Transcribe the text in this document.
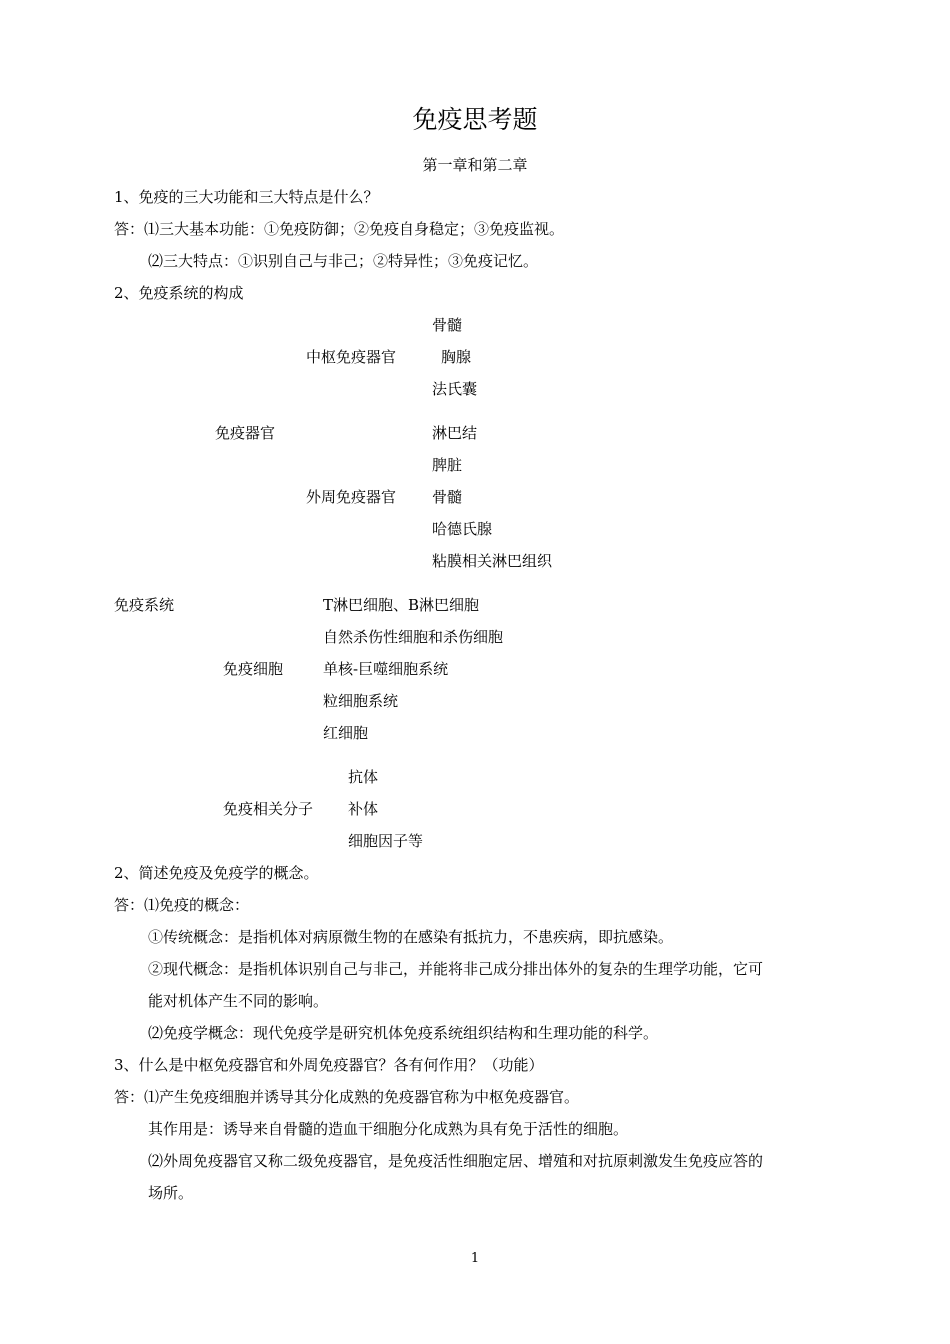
免疫思考题
第一章和第二章
1、免疫的三大功能和三大特点是什么？
答：⑴三大基本功能：①免疫防御；②免疫自身稳定；③免疫监视。
⑵三大特点：①识别自己与非己；②特异性；③免疫记忆。
2、免疫系统的构成
骨髓
中枢免疫器官	胸腺
法氏囊
免疫器官	淋巴结
脾脏
外周免疫器官 骨髓
哈德氏腺
粘膜相关淋巴组织
免疫系统	T淋巴细胞、B淋巴细胞
自然杀伤性细胞和杀伤细胞
免疫细胞	单核-巨噬细胞系统
粒细胞系统
红细胞
抗体
免疫相关分子 补体
细胞因子等
2、简述免疫及免疫学的概念。
答：⑴免疫的概念：
①传统概念：是指机体对病原微生物的在感染有抵抗力，不患疾病，即抗感染。
②现代概念：是指机体识别自己与非己，并能将非己成分排出体外的复杂的生理学功能，它可
能对机体产生不同的影响。
⑵免疫学概念：现代免疫学是研究机体免疫系统组织结构和生理功能的科学。
3、什么是中枢免疫器官和外周免疫器官？各有何作用？（功能）
答：⑴产生免疫细胞并诱导其分化成熟的免疫器官称为中枢免疫器官。
其作用是：诱导来自骨髓的造血干细胞分化成熟为具有免于活性的细胞。
⑵外周免疫器官又称二级免疫器官，是免疫活性细胞定居、增殖和对抗原刺激发生免疫应答的
场所。
1
